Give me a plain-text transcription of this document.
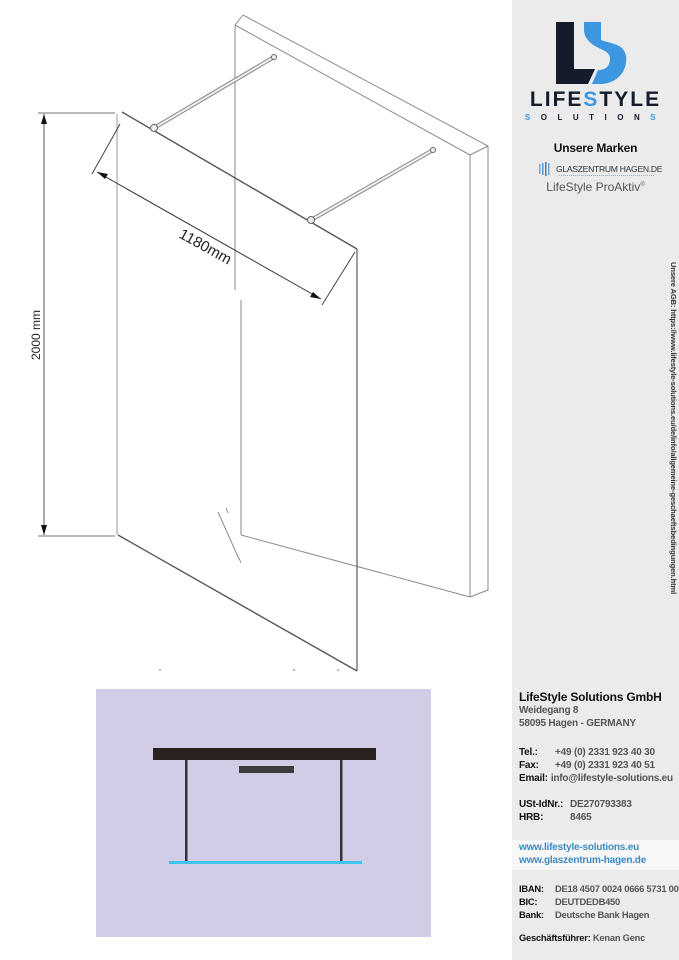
1180mm
2000 mm
LIFESTYLE
SOLUTIONS
Unsere Marken
GLASZENTRUM HAGEN.DE
LifeStyle ProAktiv®
Unsere AGB: https://www.lifestyle-solutions.eu/de/info/allgemeine-geschaeftsbedingungen.html
LifeStyle Solutions GmbH
Weidegang 8
58095 Hagen - GERMANY
Tel.:	+49 (0) 2331 923 40 30
Fax:	+49 (0) 2331 923 40 51
Email: info@lifestyle-solutions.eu
USt-IdNr.: DE270793383
HRB:	8465
www.lifestyle-solutions.eu
www.glaszentrum-hagen.de
IBAN:	DE18 4507 0024 0666 5731 00
BIC:	DEUTDEDB450
Bank:	Deutsche Bank Hagen
Geschäftsführer: Kenan Genc
